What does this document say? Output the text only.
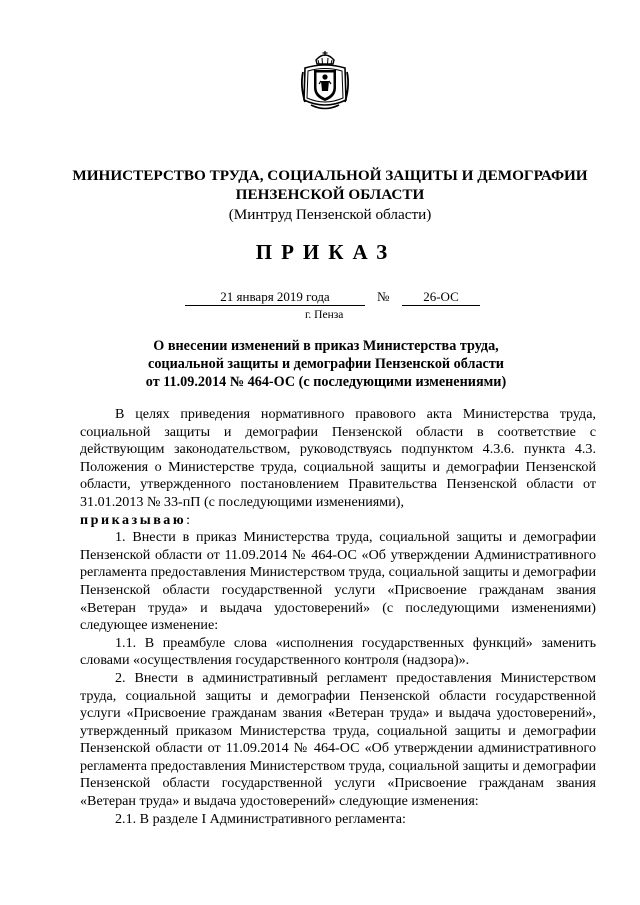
МИНИСТЕРСТВО ТРУДА, СОЦИАЛЬНОЙ ЗАЩИТЫ И ДЕМОГРАФИИ
ПЕНЗЕНСКОЙ ОБЛАСТИ
(Минтруд Пензенской области)
ПРИКАЗ
21 января 2019 года	№	26-ОС
г. Пенза
О внесении изменений в приказ Министерства труда,
социальной защиты и демографии Пензенской области
от 11.09.2014 № 464-ОС (с последующими изменениями)

В целях приведения нормативного правового акта Министерства труда, социальной защиты и демографии Пензенской области в соответствие с действующим законодательством, руководствуясь подпунктом 4.3.6. пункта 4.3. Положения о Министерстве труда, социальной защиты и демографии Пензенской области, утвержденного постановлением Правительства Пензенской области от 31.01.2013 № 33-пП (с последующими изменениями),

приказываю:

1. Внести в приказ Министерства труда, социальной защиты и демографии Пензенской области от 11.09.2014 № 464-ОС «Об утверждении Административного регламента предоставления Министерством труда, социальной защиты и демографии Пензенской области государственной услуги «Присвоение гражданам звания «Ветеран труда» и выдача удостоверений» (с последующими изменениями) следующее изменение:

1.1. В преамбуле слова «исполнения государственных функций» заменить словами «осуществления государственного контроля (надзора)».

2. Внести в административный регламент предоставления Министерством труда, социальной защиты и демографии Пензенской области государственной услуги «Присвоение гражданам звания «Ветеран труда» и выдача удостоверений», утвержденный приказом Министерства труда, социальной защиты и демографии Пензенской области от 11.09.2014 № 464-ОС «Об утверждении административного регламента предоставления Министерством труда, социальной защиты и демографии Пензенской области государственной услуги «Присвоение гражданам звания «Ветеран труда» и выдача удостоверений» следующие изменения:

2.1. В разделе I Административного регламента:
